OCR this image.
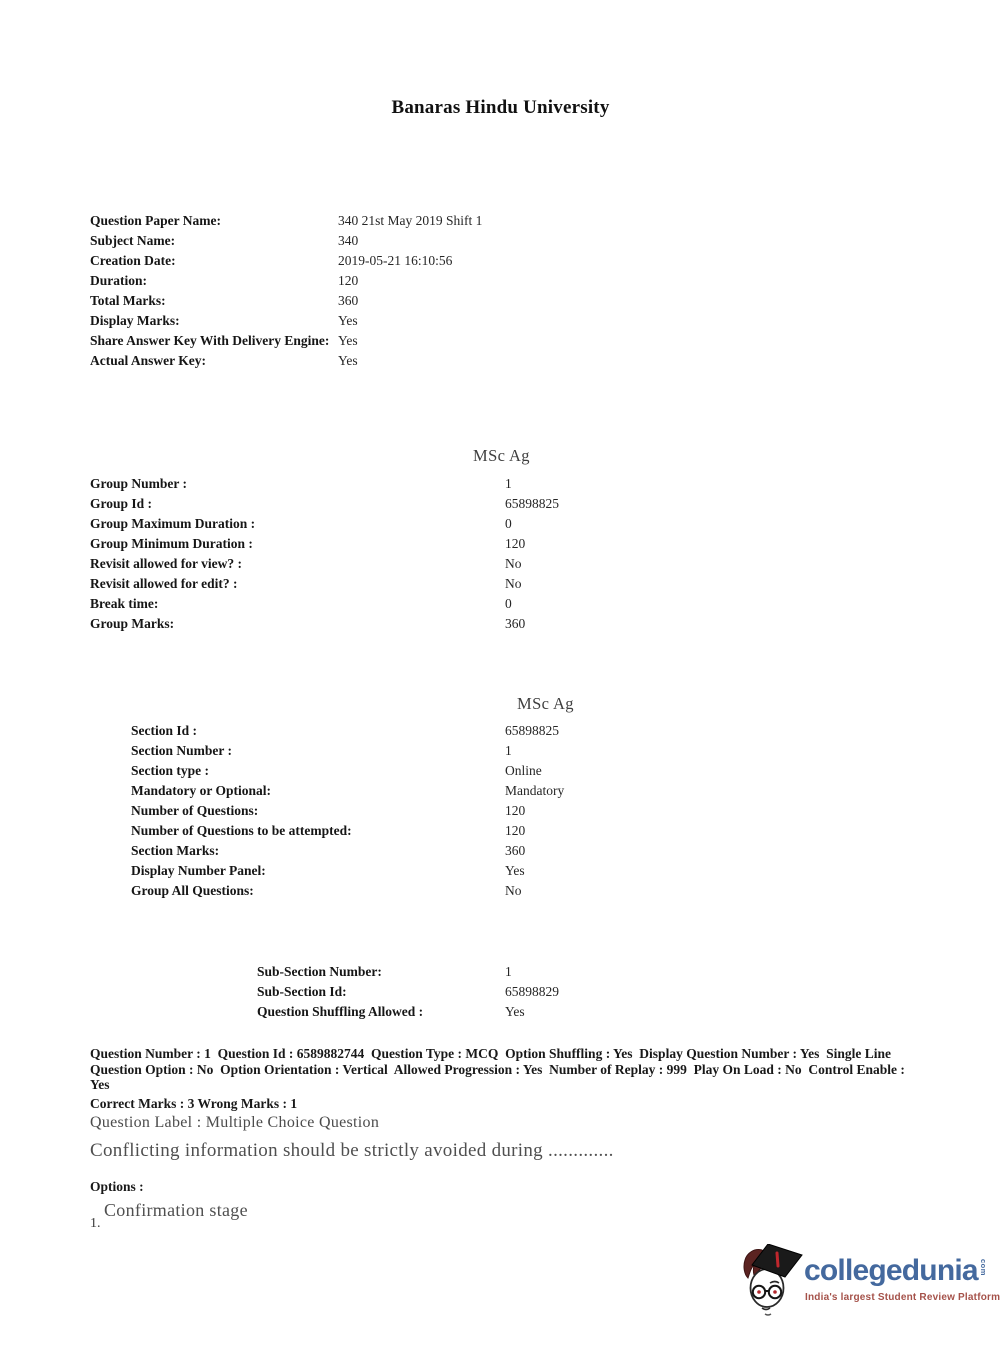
Banaras Hindu University
Question Paper Name:	340 21st May 2019 Shift 1
Subject Name:	340
Creation Date:	2019-05-21 16:10:56
Duration:	120
Total Marks:	360
Display Marks:	Yes
Share Answer Key With Delivery Engine: Yes
Actual Answer Key:	Yes
MSc Ag
Group Number :	1
Group Id :	65898825
Group Maximum Duration :	0
Group Minimum Duration :	120
Revisit allowed for view? :	No
Revisit allowed for edit? :	No
Break time:	0
Group Marks:	360
MSc Ag
Section Id :	65898825
Section Number :	1
Section type :	Online
Mandatory or Optional:	Mandatory
Number of Questions:	120
Number of Questions to be attempted:	120
Section Marks:	360
Display Number Panel:	Yes
Group All Questions:	No
Sub-Section Number:	1
Sub-Section Id:	65898829
Question Shuffling Allowed :	Yes
Question Number : 1  Question Id : 6589882744  Question Type : MCQ  Option Shuffling : Yes  Display Question Number : Yes  Single Line Question Option : No  Option Orientation : Vertical  Allowed Progression : Yes  Number of Replay : 999  Play On Load : No  Control Enable : Yes
Correct Marks : 3 Wrong Marks : 1
Question Label : Multiple Choice Question
Conflicting information should be strictly avoided during .............
Options :
1.
Confirmation stage
collegedunia com
India's largest Student Review Platform
